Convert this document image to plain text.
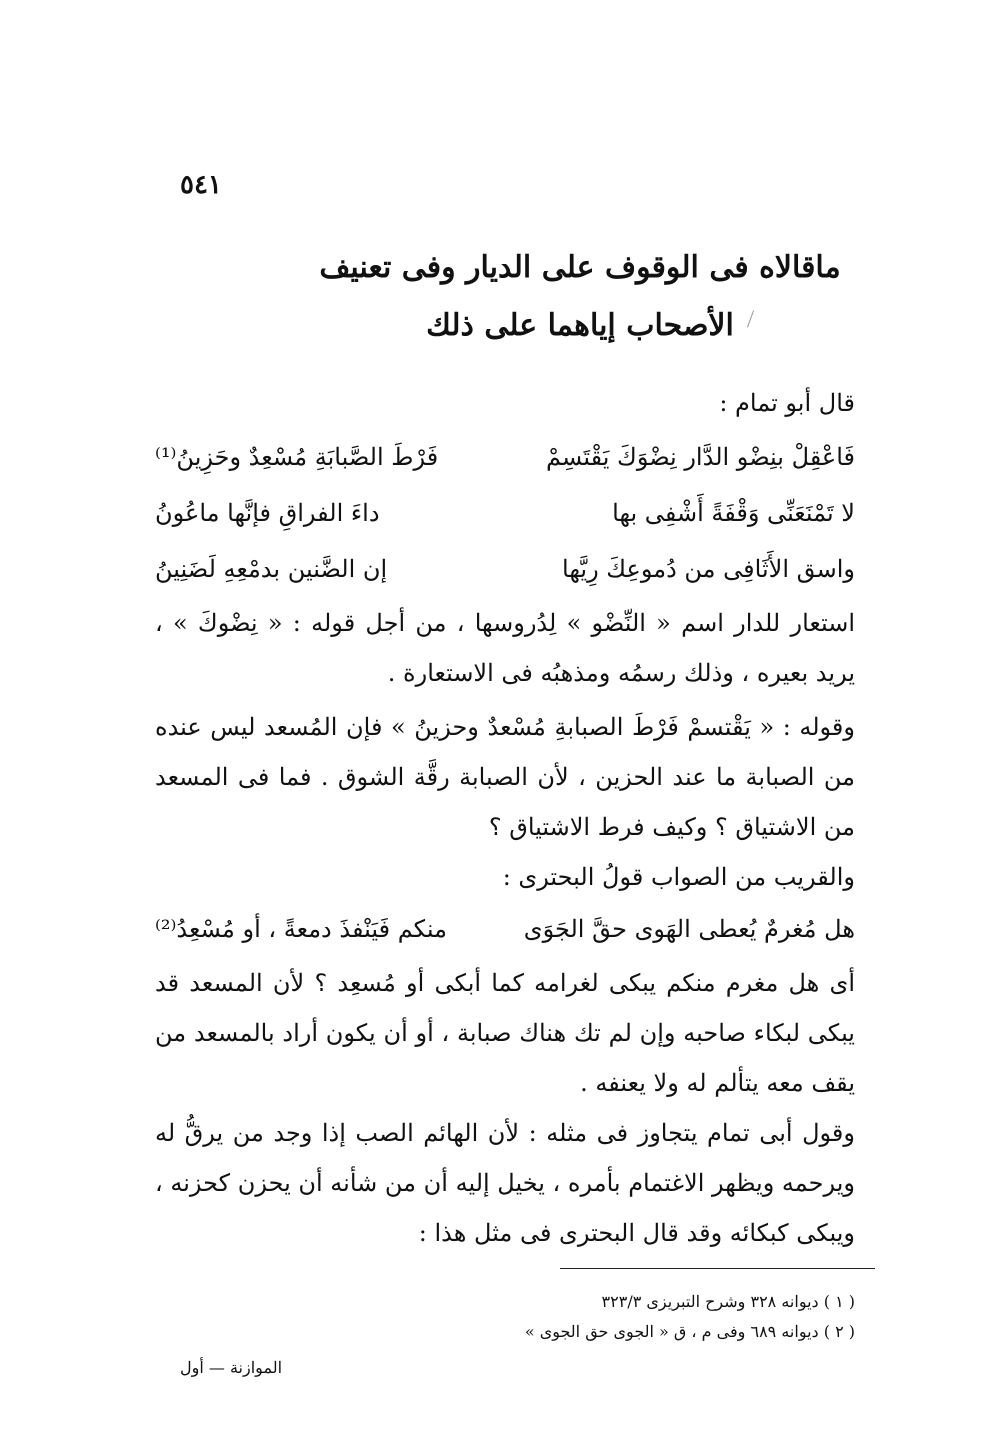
٥٤١
ماقالاه فى الوقوف على الديار وفى تعنيف
الأصحاب إياهما على ذلك
قال أبو تمام :
فَاعْقِلْ بنِضْو الدَّار نِضْوَكَ يَقْتَسِمْ
فَرْطَ الصَّبابَةِ مُسْعِدٌ وحَزِينُ⁽¹⁾
لا تَمْنَعَنِّى وَقْفَةً أَشْفِى بها
داءَ الفراقِ فإنَّها ماعُونُ
واسق الأَثَافِى من دُموعِكَ رِيَّها
إن الضَّنين بدمْعِهِ لَضَنِينُ
استعار للدار اسم « النِّضْو » لِدُروسها ، من أجل قوله : « نِضْوكَ » ، يريد بعيره ، وذلك رسمُه ومذهبُه فى الاستعارة .
وقوله : « يَقْتسمْ فَرْطَ الصبابةِ مُسْعدٌ وحزينُ » فإن المُسعد ليس عنده من الصبابة ما عند الحزين ، لأن الصبابة رقَّة الشوق . فما فى المسعد من الاشتياق ؟ وكيف فرط الاشتياق ؟
والقريب من الصواب قولُ البحترى :
هل مُغرمٌ يُعطى الهَوى حقَّ الجَوَى
منكم فَيَنْفذَ دمعةً ، أو مُسْعِدُ⁽²⁾
أى هل مغرم منكم يبكى لغرامه كما أبكى أو مُسعِد ؟ لأن المسعد قد يبكى لبكاء صاحبه وإن لم تك هناك صبابة ، أو أن يكون أراد بالمسعد من يقف معه يتألم له ولا يعنفه .
وقول أبى تمام يتجاوز فى مثله : لأن الهائم الصب إذا وجد من يرقُّ له ويرحمه ويظهر الاغتمام بأمره ، يخيل إليه أن من شأنه أن يحزن كحزنه ، ويبكى كبكائه وقد قال البحترى فى مثل هذا :
( ١ ) ديوانه ٣٢٨ وشرح التبريزى ٣٢٣/٣
( ٢ ) ديوانه ٦٨٩ وفى م ، ق « الجوى حق الجوى »
الموازنة — أول
